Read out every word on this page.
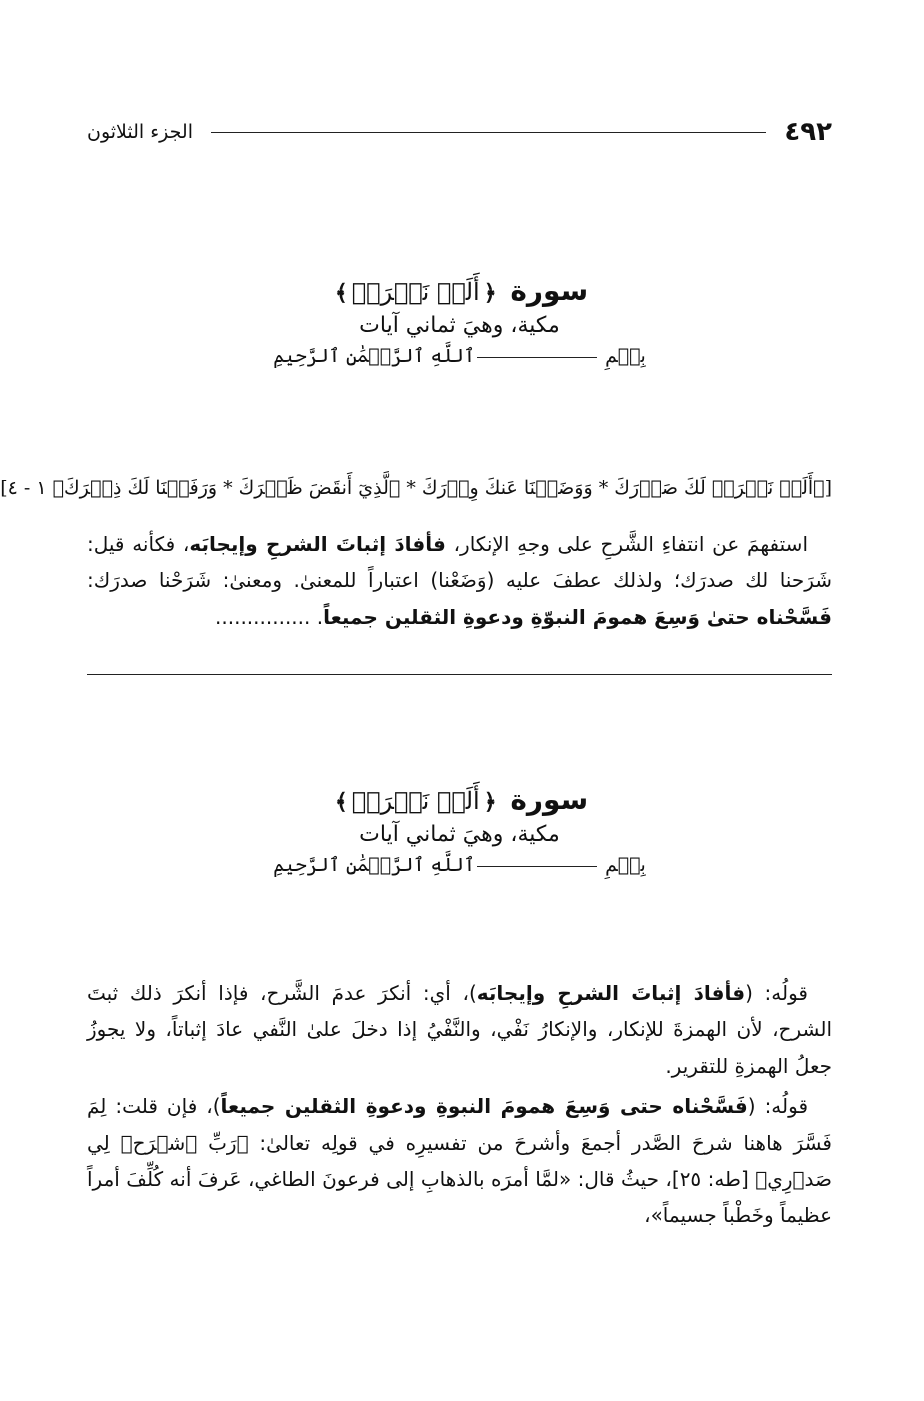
٤٩٢
الجزء الثلاثون
سورة ﴿أَلَمۡ نَشۡرَحۡ﴾
مكية، وهيَ ثماني آيات
بِسۡمِٱللَّهِ ٱلرَّحۡمَٰنِ ٱلرَّحِيمِ
[﴿أَلَمۡ نَشۡرَحۡ لَكَ صَدۡرَكَ * وَوَضَعۡنَا عَنكَ وِزۡرَكَ * ٱلَّذِيٓ أَنقَضَ ظَهۡرَكَ * وَرَفَعۡنَا لَكَ ذِكۡرَكَ﴾ ١ - ٤]

استفهمَ عن انتفاءِ الشَّرحِ على وجهِ الإنكار، فأفادَ إثباتَ الشرحِ وإيجابَه، فكأنه قيل: شَرَحنا لك صدرَك؛ ولذلك عطفَ عليه (وَضَعْنا) اعتباراً للمعنىٰ. ومعنىٰ: شَرَحْنا صدرَك: فَسَّحْناه حتىٰ وَسِعَ همومَ النبوّةِ ودعوةِ الثقلين جميعاً. ...............

سورة ﴿أَلَمۡ نَشۡرَحۡ﴾
مكية، وهيَ ثماني آيات
بِسۡمِٱللَّهِ ٱلرَّحۡمَٰنِ ٱلرَّحِيمِ

قولُه: (فأفادَ إثباتَ الشرحِ وإيجابَه)، أي: أنكرَ عدمَ الشَّرح، فإذا أنكرَ ذلك ثبتَ الشرح، لأن الهمزةَ للإنكار، والإنكارُ نَفْي، والنَّفْيُ إذا دخلَ علىٰ النَّفي عادَ إثباتاً، ولا يجوزُ جعلُ الهمزةِ للتقرير.

قولُه: (فَسَّحْناه حتى وَسِعَ همومَ النبوةِ ودعوةِ الثقلين جميعاً)، فإن قلت: لِمَ فَسَّرَ هاهنا شرحَ الصَّدر أجمعَ وأشرحَ من تفسيرِه في قولِه تعالىٰ: ﴿رَبِّ ٱشۡرَحۡ لِي صَدۡرِي﴾ [طه: ٢٥]، حيثُ قال: «لمَّا أمرَه بالذهابِ إلى فرعونَ الطاغي، عَرفَ أنه كُلِّفَ أمراً عظيماً وخَطْباً جسيماً»،
